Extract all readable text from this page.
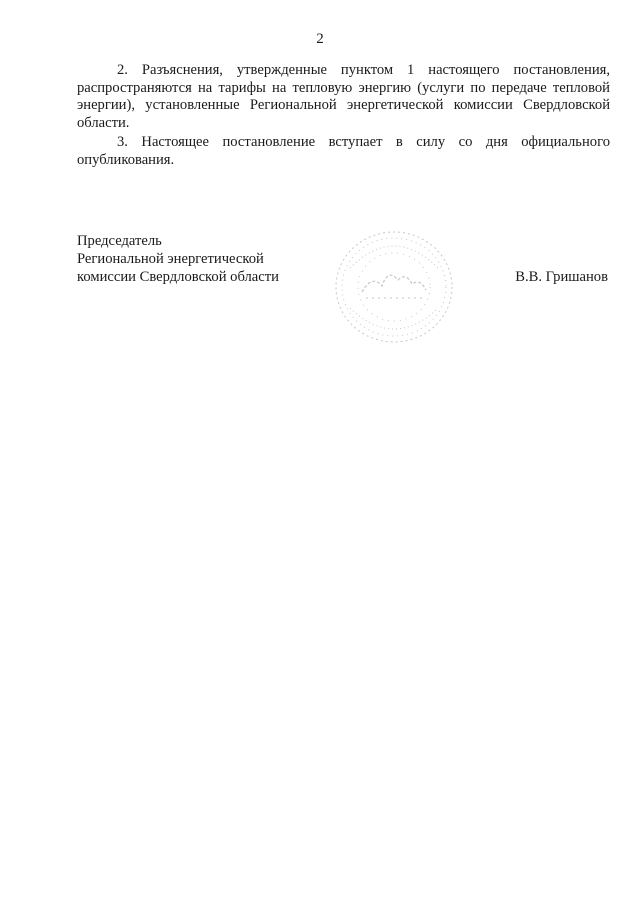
2

2. Разъяснения, утвержденные пунктом 1 настоящего постановления, распространяются на тарифы на тепловую энергию (услуги по передаче тепловой энергии), установленные Региональной энергетической комиссии Свердловской области.

3. Настоящее постановление вступает в силу со дня официального опубликования.

Председатель
Региональной энергетической
комиссии Свердловской области	В.В. Гришанов
